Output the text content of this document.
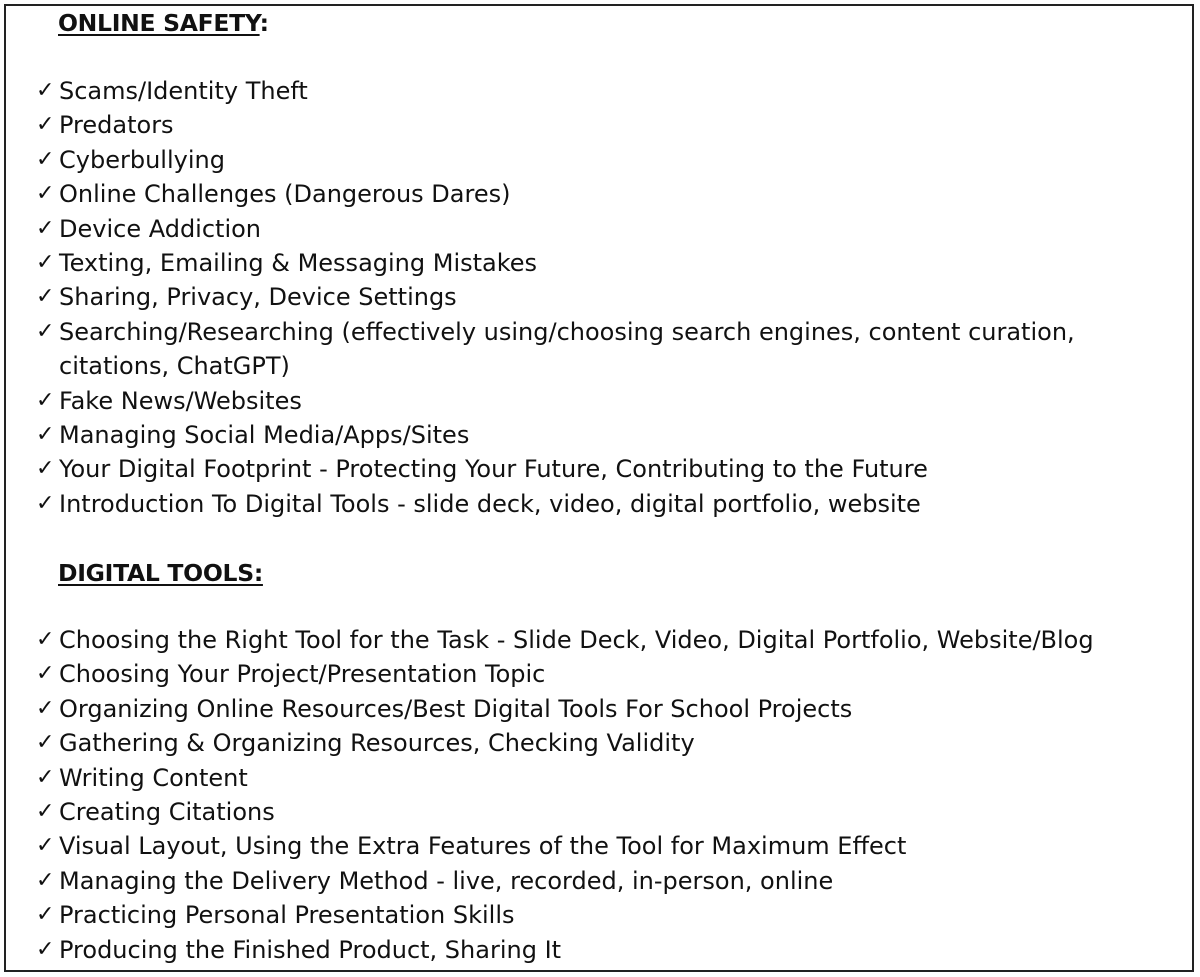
ONLINE SAFETY:
✓ Scams/Identity Theft
✓ Predators
✓ Cyberbullying
✓ Online Challenges (Dangerous Dares)
✓ Device Addiction
✓ Texting, Emailing & Messaging Mistakes
✓ Sharing, Privacy, Device Settings
✓ Searching/Researching (effectively using/choosing search engines, content curation, citations, ChatGPT)
✓ Fake News/Websites
✓ Managing Social Media/Apps/Sites
✓ Your Digital Footprint - Protecting Your Future, Contributing to the Future
✓ Introduction To Digital Tools - slide deck, video, digital portfolio, website
DIGITAL TOOLS:
✓ Choosing the Right Tool for the Task - Slide Deck, Video, Digital Portfolio, Website/Blog
✓ Choosing Your Project/Presentation Topic
✓ Organizing Online Resources/Best Digital Tools For School Projects
✓ Gathering & Organizing Resources, Checking Validity
✓ Writing Content
✓ Creating Citations
✓ Visual Layout, Using the Extra Features of the Tool for Maximum Effect
✓ Managing the Delivery Method - live, recorded, in-person, online
✓ Practicing Personal Presentation Skills
✓ Producing the Finished Product, Sharing It
